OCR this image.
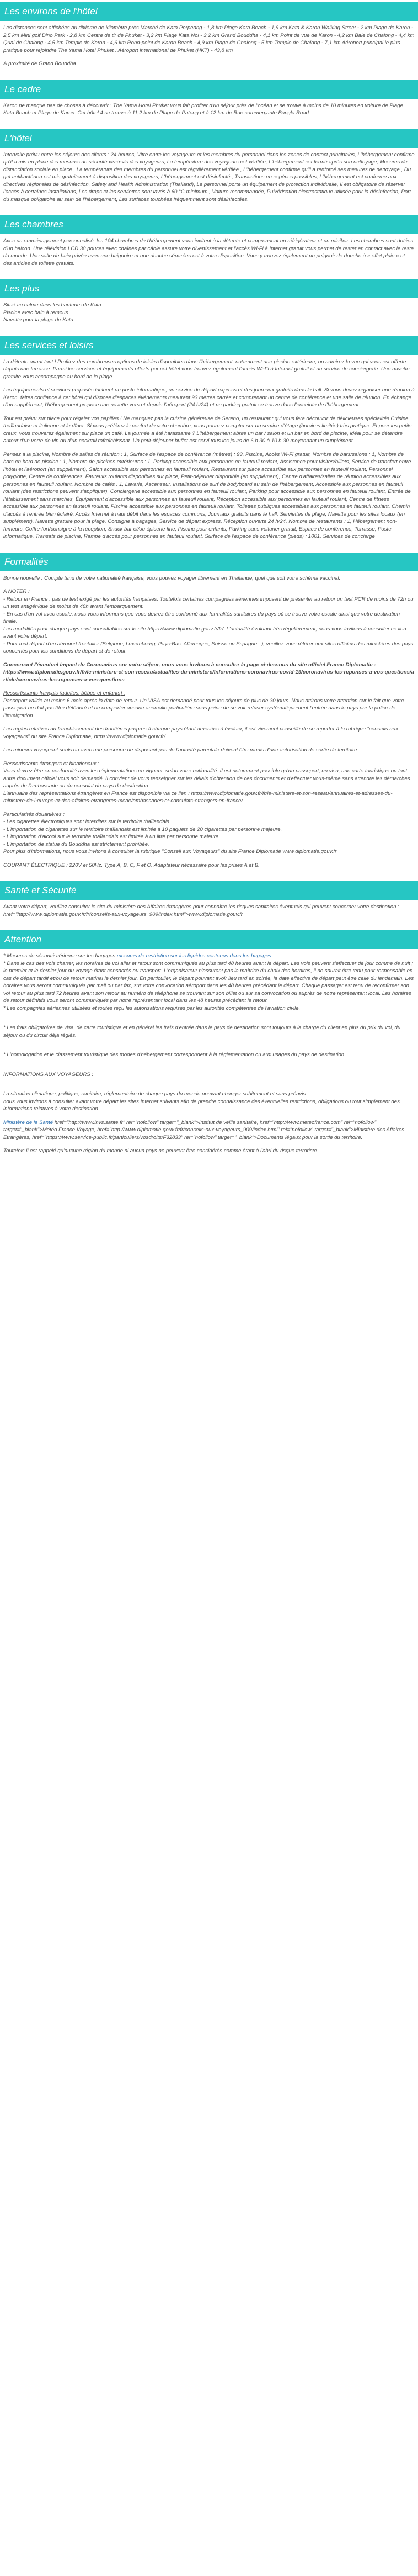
Les environs de l'hôtel

Les distances sont affichées au dixième de kilomètre près Marché de Kata Porpeang - 1,8 km Plage Kata Beach - 1,9 km Kata & Karon Walking Street - 2 km Plage de Karon - 2,5 km Mini golf Dino Park - 2,8 km Centre de tir de Phuket - 3,2 km Plage Kata Noi - 3,2 km Grand Bouddha - 4,1 km Point de vue de Karon - 4,2 km Baie de Chalong - 4,4 km Quai de Chalong - 4,5 km Temple de Karon - 4,6 km Rond-point de Karon Beach - 4,9 km Plage de Chalong - 5 km Temple de Chalong - 7,1 km Aéroport principal le plus pratique pour rejoindre The Yama Hotel Phuket : Aéroport international de Phuket (HKT) - 43,8 km

À proximité de Grand Bouddha

Le cadre

Karon ne manque pas de choses à découvrir : The Yama Hotel Phuket vous fait profiter d'un séjour près de l'océan et se trouve à moins de 10 minutes en voiture de Plage Kata Beach et Plage de Karon. Cet hôtel 4 se trouve à 11,2 km de Plage de Patong et à 12 km de Rue commerçante Bangla Road.

L'hôtel

Intervalle prévu entre les séjours des clients : 24 heures, Vitre entre les voyageurs et les membres du personnel dans les zones de contact principales, L'hébergement confirme qu'il a mis en place des mesures de sécurité vis-à-vis des voyageurs, La température des voyageurs est vérifiée, L'hébergement est fermé après son nettoyage, Mesures de distanciation sociale en place., La température des membres du personnel est régulièrement vérifiée., L'hébergement confirme qu'il a renforcé ses mesures de nettoyage., Du gel antibactérien est mis gratuitement à disposition des voyageurs, L'hébergement est désinfecté., Transactions en espèces possibles, L'hébergement est conforme aux directives régionales de désinfection. Safety and Health Administration (Thailand), Le personnel porte un équipement de protection individuelle, Il est obligatoire de réserver l'accès à certaines installations, Les draps et les serviettes sont lavés à 60 °C minimum., Voiture recommandée, Pulvérisation électrostatique utilisée pour la désinfection, Port du masque obligatoire au sein de l'hébergement, Les surfaces touchées fréquemment sont désinfectées.

Les chambres

Avec un emménagement personnalisé, les 104 chambres de l'hébergement vous invitent à la détente et comprennent un réfrigérateur et un minibar. Les chambres sont dotées d'un balcon. Une télévision LCD 38 pouces avec chaînes par câble assure votre divertissement et l'accès Wi-Fi à Internet gratuit vous permet de rester en contact avec le reste du monde. Une salle de bain privée avec une baignoire et une douche séparées est à votre disposition. Vous y trouvez également un peignoir de douche à « effet pluie » et des articles de toilette gratuits.

Les plus

Situé au calme dans les hauteurs de Kata
Piscine avec bain à remous
Navette pour la plage de Kata

Les services et loisirs

La détente avant tout ! Profitez des nombreuses options de loisirs disponibles dans l'hébergement, notamment une piscine extérieure, ou admirez la vue qui vous est offerte depuis une terrasse. Parmi les services et équipements offerts par cet hôtel vous trouvez également l'accès Wi-Fi à Internet gratuit et un service de conciergerie. Une navette gratuite vous accompagne au bord de la plage.

Les équipements et services proposés incluent un poste informatique, un service de départ express et des journaux gratuits dans le hall. Si vous devez organiser une réunion à Karon, faites confiance à cet hôtel qui dispose d'espaces événements mesurant 93 mètres carrés et comprenant un centre de conférence et une salle de réunion. En échange d'un supplément, l'hébergement propose une navette vers et depuis l'aéroport (24 h/24) et un parking gratuit se trouve dans l'enceinte de l'hébergement.

Tout est prévu sur place pour régaler vos papilles ! Ne manquez pas la cuisine généreuse de Sereno, un restaurant qui vous fera découvrir de délicieuses spécialités Cuisine thaïlandaise et italienne et le dîner. Si vous préférez le confort de votre chambre, vous pourrez compter sur un service d'étage (horaires limités) très pratique. Et pour les petits creux, vous trouverez également sur place un café. La journée a été harassante ? L'hébergement abrite un bar / salon et un bar en bord de piscine, idéal pour se détendre autour d'un verre de vin ou d'un cocktail rafraîchissant. Un petit-déjeuner buffet est servi tous les jours de 6 h 30 à 10 h 30 moyennant un supplément.

Pensez à la piscine, Nombre de salles de réunion : 1, Surface de l'espace de conférence (mètres) : 93, Piscine, Accès Wi-Fi gratuit, Nombre de bars/salons : 1, Nombre de bars en bord de piscine : 1, Nombre de piscines extérieures : 1, Parking accessible aux personnes en fauteuil roulant, Assistance pour visites/billets, Service de transfert entre l'hôtel et l'aéroport (en supplément), Salon accessible aux personnes en fauteuil roulant, Restaurant sur place accessible aux personnes en fauteuil roulant, Personnel polyglotte, Centre de conférences, Fauteuils roulants disponibles sur place, Petit-déjeuner disponible (en supplément), Centre d'affaires/salles de réunion accessibles aux personnes en fauteuil roulant, Nombre de cafés : 1, Lavarie, Ascenseur, Installations de surf de bodyboard au sein de l'hébergement, Accessible aux personnes en fauteuil roulant (des restrictions peuvent s'appliquer), Conciergerie accessible aux personnes en fauteuil roulant, Parking pour accessible aux personnes en fauteuil roulant, Entrée de l'établissement sans marches, Équipement d'accessible aux personnes en fauteuil roulant, Réception accessible aux personnes en fauteuil roulant, Centre de fitness accessible aux personnes en fauteuil roulant, Piscine accessible aux personnes en fauteuil roulant, Toilettes publiques accessibles aux personnes en fauteuil roulant, Chemin d'accès à l'entrée bien éclairé, Accès Internet à haut débit dans les espaces communs, Journaux gratuits dans le hall, Serviettes de plage, Navette pour les sites locaux (en supplément), Navette gratuite pour la plage, Consigne à bagages, Service de départ express, Réception ouverte 24 h/24, Nombre de restaurants : 1, Hébergement non-fumeurs, Coffre-fort/consigne à la réception, Snack bar et/ou épicerie fine, Piscine pour enfants, Parking sans voiturier gratuit, Espace de conférence, Terrasse, Poste informatique, Transats de piscine, Rampe d'accès pour personnes en fauteuil roulant, Surface de l'espace de conférence (pieds) : 1001, Services de concierge

Formalités

Bonne nouvelle : Compte tenu de votre nationalité française, vous pouvez voyager librement en Thaïlande, quel que soit votre schéma vaccinal.

A NOTER :
- Retour en France : pas de test exigé par les autorités françaises. Toutefois certaines compagnies aériennes imposent de présenter au retour un test PCR de moins de 72h ou un test antigénique de moins de 48h avant l'embarquement.
- En cas d'un vol avec escale, nous vous informons que vous devrez être conformé aux formalités sanitaires du pays où se trouve votre escale ainsi que votre destination finale.
Les modalités pour chaque pays sont consultables sur le site https://www.diplomatie.gouv.fr/fr/. L'actualité évoluant très régulièrement, nous vous invitons à consulter ce lien avant votre départ.
- Pour tout départ d'un aéroport frontalier (Belgique, Luxembourg, Pays-Bas, Allemagne, Suisse ou Espagne...), veuillez vous référer aux sites officiels des ministères des pays concernés pour les conditions de départ et de retour.

Concernant l'éventuel impact du Coronavirus sur votre séjour, nous vous invitons à consulter la page ci-dessous du site officiel France Diplomatie :
https://www.diplomatie.gouv.fr/fr/le-ministere-et-son-reseau/actualites-du-ministere/informations-coronavirus-covid-19/coronavirus-les-reponses-a-vos-questions/article/coronavirus-les-reponses-a-vos-questions

Ressortissants français (adultes, bébés et enfants) :
Passeport valide au moins 6 mois après la date de retour. Un VISA est demandé pour tous les séjours de plus de 30 jours. Nous attirons votre attention sur le fait que votre passeport ne doit pas être détérioré et ne comporter aucune anomalie particulière sous peine de se voir refuser systématiquement l'entrée dans le pays par la police de l'immigration.

Les règles relatives au franchissement des frontières propres à chaque pays étant amenées à évoluer, il est vivement conseillé de se reporter à la rubrique "conseils aux voyageurs" du site France Diplomatie, https://www.diplomatie.gouv.fr/.

Les mineurs voyageant seuls ou avec une personne ne disposant pas de l'autorité parentale doivent être munis d'une autorisation de sortie de territoire.

Ressortissants étrangers et binationaux :
Vous devrez être en conformité avec les réglementations en vigueur, selon votre nationalité. Il est notamment possible qu'un passeport, un visa, une carte touristique ou tout autre document officiel vous soit demandé. Il convient de vous renseigner sur les délais d'obtention de ces documents et d'effectuer vous-même sans attendre les démarches auprès de l'ambassade ou du consulat du pays de destination.
L'annuaire des représentations étrangères en France est disponible via ce lien : https://www.diplomatie.gouv.fr/fr/le-ministere-et-son-reseau/annuaires-et-adresses-du-ministere-de-l-europe-et-des-affaires-etrangeres-meae/ambassades-et-consulats-etrangers-en-france/

Particularités douanières :
- Les cigarettes électroniques sont interdites sur le territoire thaïlandais
- L'importation de cigarettes sur le territoire thaïlandais est limitée à 10 paquets de 20 cigarettes par personne majeure.
- L'importation d'alcool sur le territoire thaïlandais est limitée à un litre par personne majeure.
- L'importation de statue du Bouddha est strictement prohibée.
Pour plus d'informations, nous vous invitons à consulter la rubrique "Conseil aux Voyageurs" du site France Diplomatie www.diplomatie.gouv.fr

COURANT ÉLECTRIQUE : 220V et 50Hz. Type A, B, C, F et O. Adaptateur nécessaire pour les prises A et B.

Santé et Sécurité

Avant votre départ, veuillez consulter le site du ministère des Affaires étrangères pour connaître les risques sanitaires éventuels qui peuvent concerner votre destination : href="http://www.diplomatie.gouv.fr/fr/conseils-aux-voyageurs_909/index.html">www.diplomatie.gouv.fr

Attention

* Mesures de sécurité aérienne sur les bagages mesures de restriction sur les liquides contenus dans les bagages.
* Dans le cas des vols charter, les horaires de vol aller et retour sont communiqués au plus tard 48 heures avant le départ. Les vols peuvent s'effectuer de jour comme de nuit ; le premier et le dernier jour du voyage étant consacrés au transport. L'organisateur n'assurant pas la maîtrise du choix des horaires, il ne saurait être tenu pour responsable en cas de départ tardif et/ou de retour matinal le dernier jour. En particulier, le départ pouvant avoir lieu tard en soirée, la date effective de départ peut être celle du lendemain. Les horaires vous seront communiqués par mail ou par fax, sur votre convocation aéroport dans les 48 heures précédant le départ. Chaque passager est tenu de reconfirmer son vol retour au plus tard 72 heures avant son retour au numéro de téléphone se trouvant sur son billet ou sur sa convocation ou auprès de notre représentant local. Les horaires de retour définitifs vous seront communiqués par notre représentant local dans les 48 heures précédant le retour.
* Les compagnies aériennes utilisées et toutes reçu les autorisations requises par les autorités compétentes de l'aviation civile.

* Les frais obligatoires de visa, de carte touristique et en général les frais d'entrée dans le pays de destination sont toujours à la charge du client en plus du prix du vol, du séjour ou du circuit déjà réglés.

* L'homologation et le classement touristique des modes d'hébergement correspondent à la réglementation ou aux usages du pays de destination.

INFORMATIONS AUX VOYAGEURS :

La situation climatique, politique, sanitaire, réglementaire de chaque pays du monde pouvant changer subitement et sans préavis
nous vous invitons à consulter avant votre départ les sites Internet suivants afin de prendre connaissance des éventuelles restrictions, obligations ou tout simplement des informations relatives à votre destination.

Ministère de la Santé href="http://www.invs.sante.fr" rel="nofollow" target="_blank">Institut de veille sanitaire, href="http://www.meteofrance.com" rel="nofollow" target="_blank">Météo France Voyage, href="http://www.diplomatie.gouv.fr/fr/conseils-aux-voyageurs_909/index.html" rel="nofollow" target="_blank">Ministère des Affaires Étrangères, href="https://www.service-public.fr/particuliers/vosdroits/F32833" rel="nofollow" target="_blank">Documents légaux pour la sortie du territoire.

Toutefois il est rappelé qu'aucune région du monde ni aucun pays ne peuvent être considérés comme étant à l'abri du risque terroriste.
